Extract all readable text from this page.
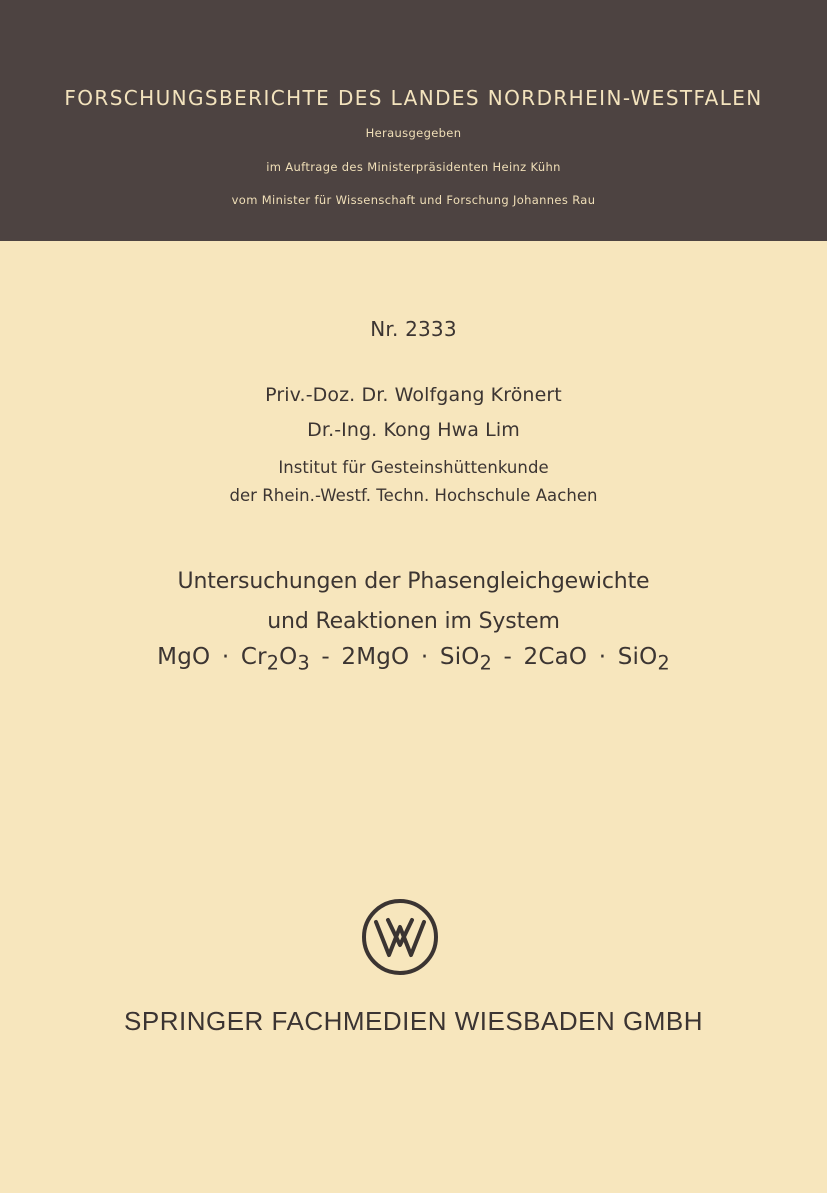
FORSCHUNGSBERICHTE DES LANDES NORDRHEIN-WESTFALEN
Herausgegeben
im Auftrage des Ministerpräsidenten Heinz Kühn
vom Minister für Wissenschaft und Forschung Johannes Rau
Nr. 2333
Priv.-Doz. Dr. Wolfgang Krönert
Dr.-Ing. Kong Hwa Lim
Institut für Gesteinshüttenkunde
der Rhein.-Westf. Techn. Hochschule Aachen
Untersuchungen der Phasengleichgewichte
und Reaktionen im System
MgO · $Cr_2O_3 - 2MgO \cdot SiO_2 - 2CaO \cdot SiO_2$
SPRINGER FACHMEDIEN WIESBADEN GMBH
